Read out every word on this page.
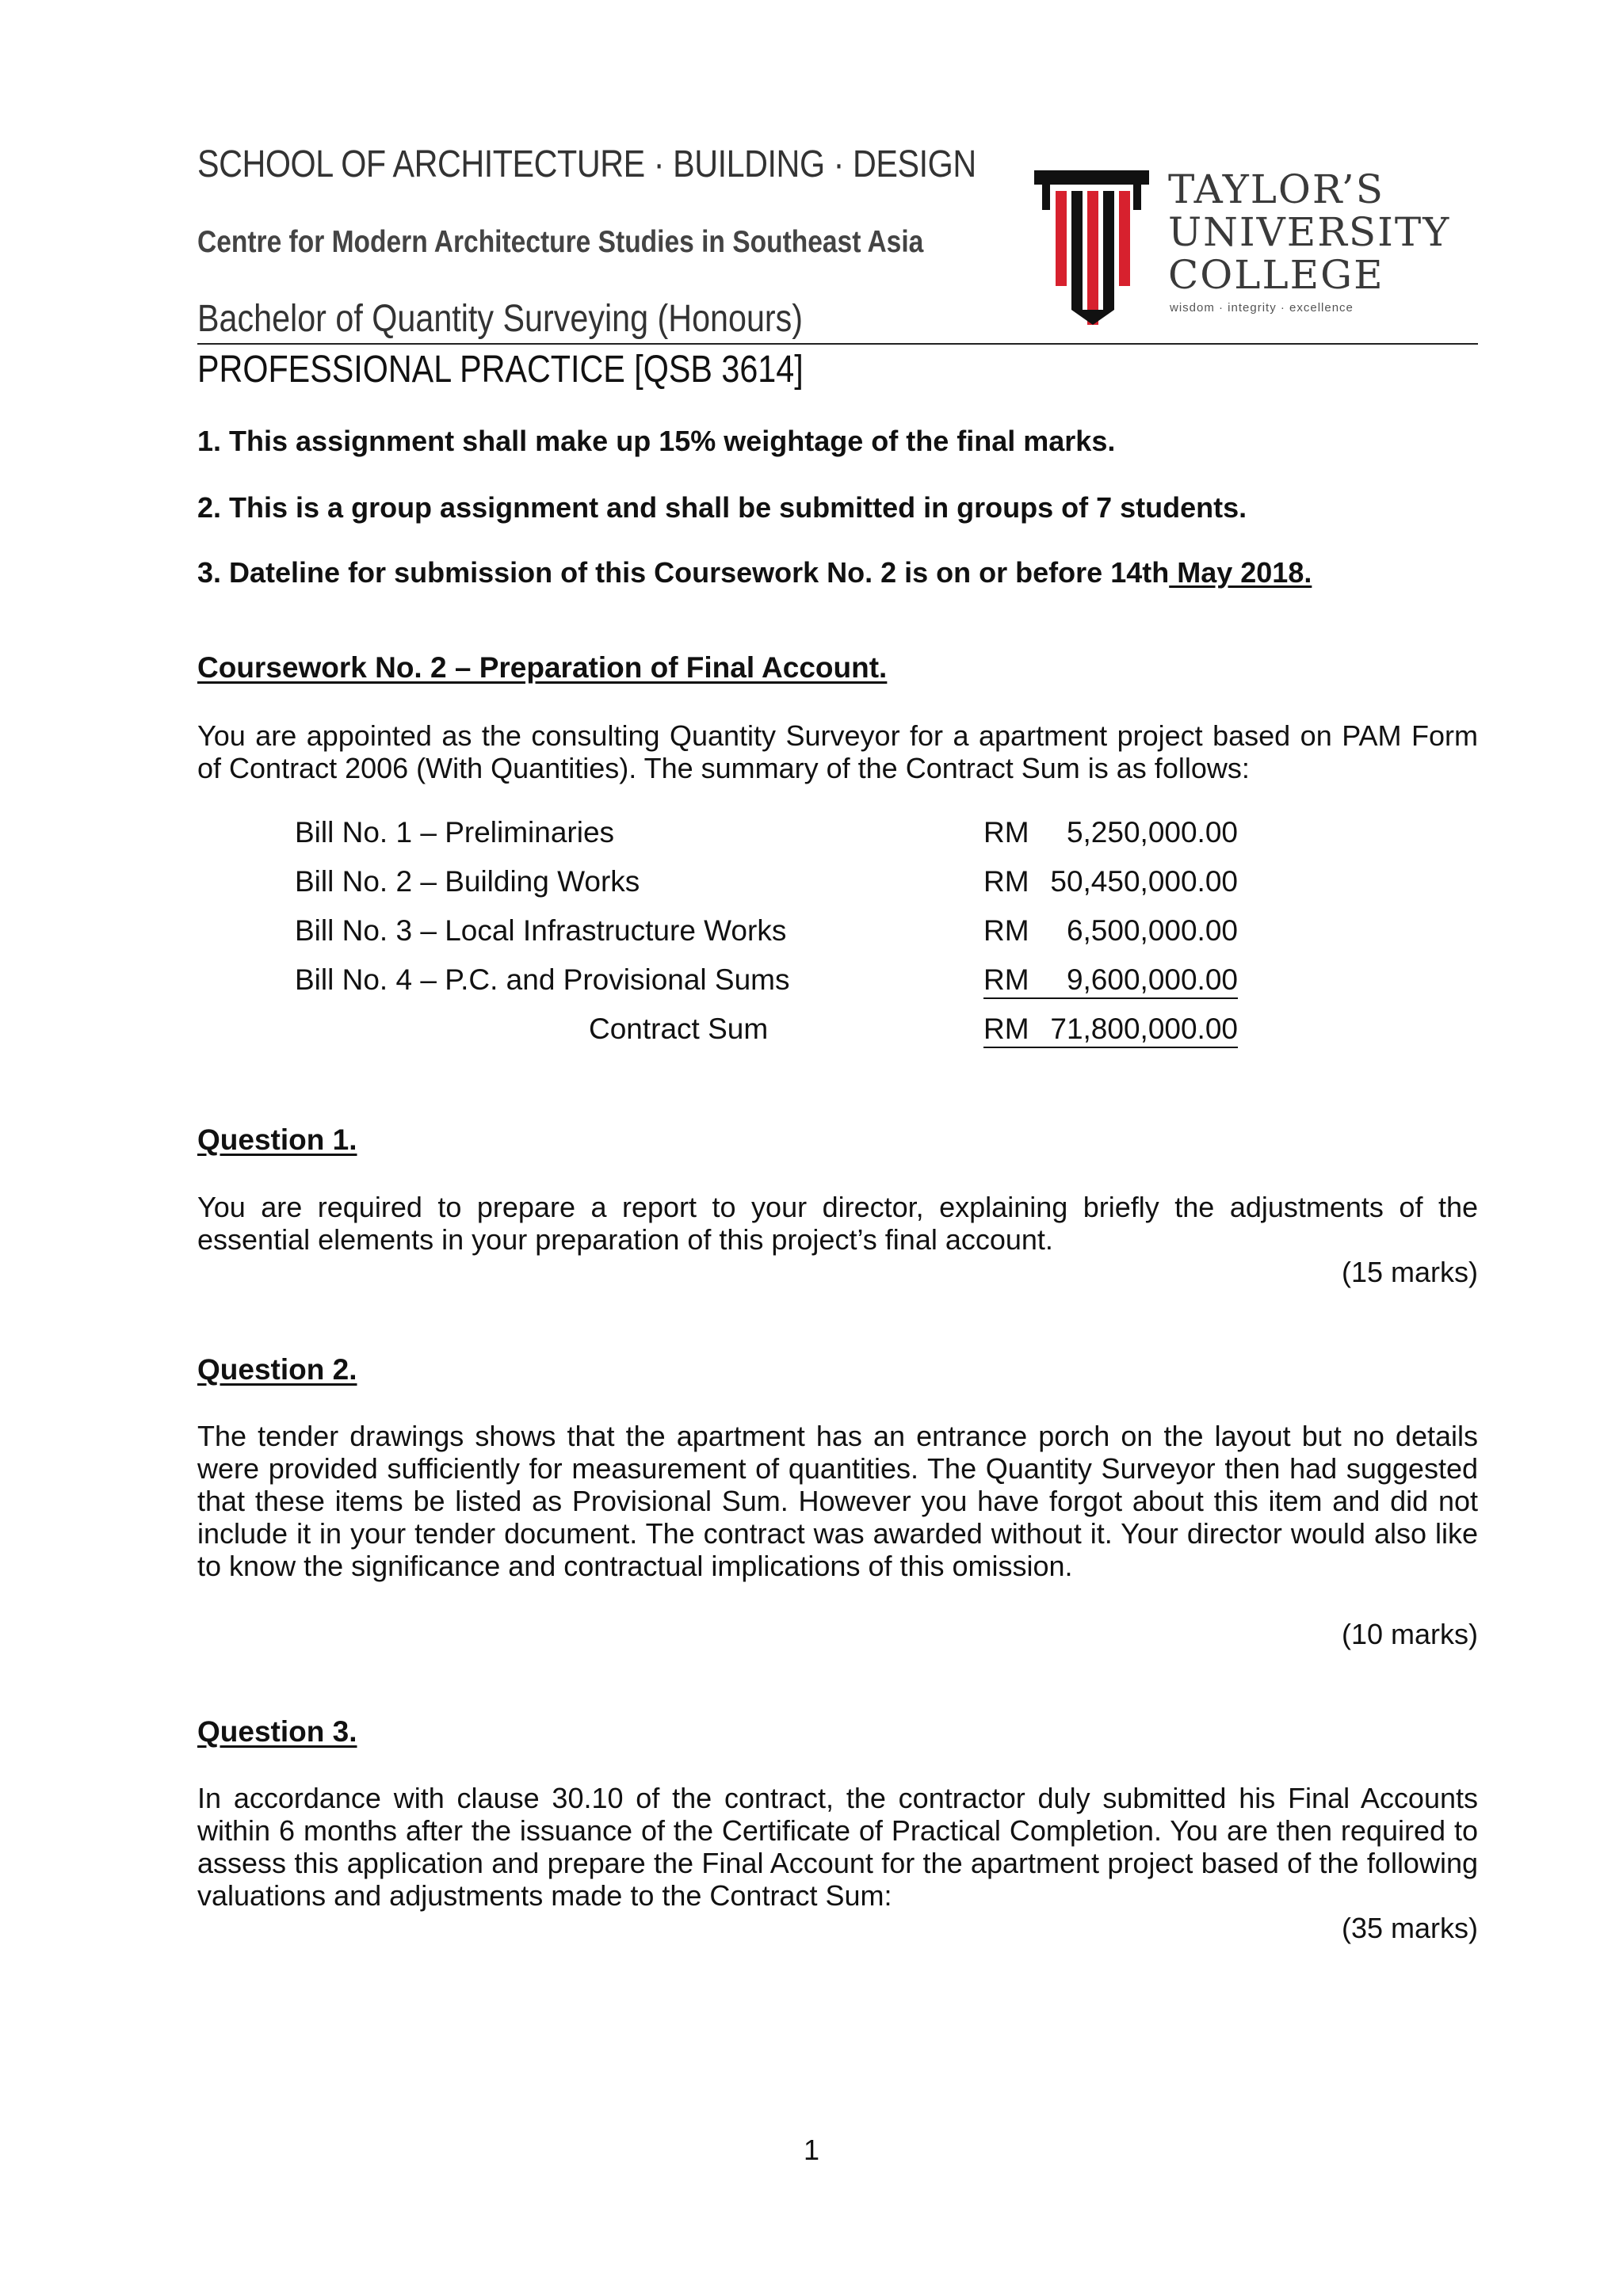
SCHOOL OF ARCHITECTURE · BUILDING · DESIGN
Centre for Modern Architecture Studies in Southeast Asia
Bachelor of Quantity Surveying (Honours)
PROFESSIONAL PRACTICE [QSB 3614]
TAYLOR’S
UNIVERSITY
COLLEGE
wisdom · integrity · excellence
1. This assignment shall make up 15% weightage of the final marks.
2. This is a group assignment and shall be submitted in groups of 7 students.
3. Dateline for submission of this Coursework No. 2 is on or before 14th May 2018.
Coursework No. 2 – Preparation of Final Account.
You are appointed as the consulting Quantity Surveyor for a apartment project based on PAM Form of Contract 2006 (With Quantities). The summary of the Contract Sum is as follows:
Bill No. 1 – Preliminaries	RM 5,250,000.00
Bill No. 2 – Building Works	RM 50,450,000.00
Bill No. 3 – Local Infrastructure Works	RM 6,500,000.00
Bill No. 4 – P.C. and Provisional Sums	RM 9,600,000.00
Contract Sum	RM 71,800,000.00
Question 1.
You are required to prepare a report to your director, explaining briefly the adjustments of the essential elements in your preparation of this project’s final account.
(15 marks)
Question 2.
The tender drawings shows that the apartment has an entrance porch on the layout but no details were provided sufficiently for measurement of quantities. The Quantity Surveyor then had suggested that these items be listed as Provisional Sum. However you have forgot about this item and did not include it in your tender document. The contract was awarded without it. Your director would also like to know the significance and contractual implications of this omission.
(10 marks)
Question 3.
In accordance with clause 30.10 of the contract, the contractor duly submitted his Final Accounts within 6 months after the issuance of the Certificate of Practical Completion. You are then required to assess this application and prepare the Final Account for the apartment project based of the following valuations and adjustments made to the Contract Sum:
(35 marks)
1
